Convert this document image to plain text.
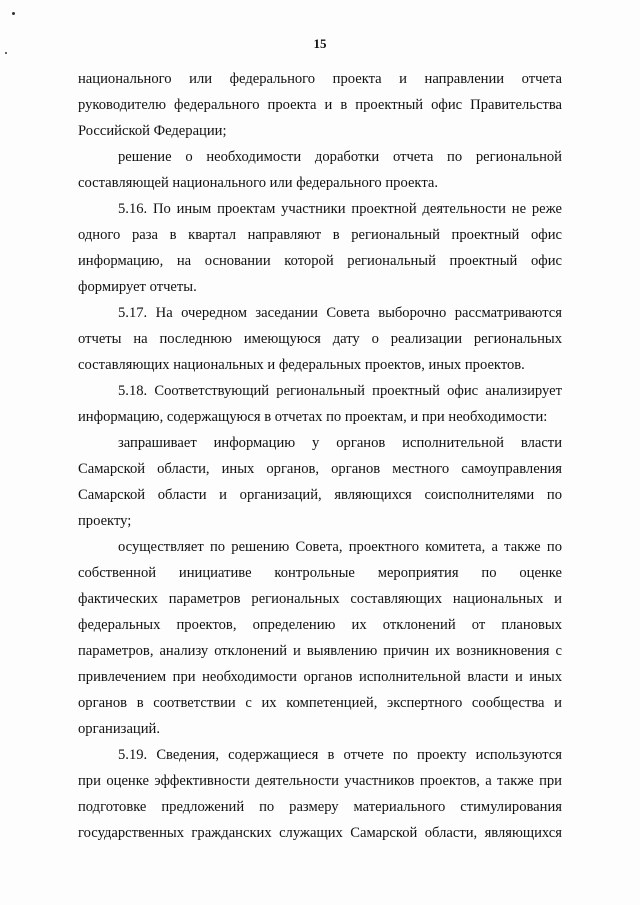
15
национального или федерального проекта и направлении отчета
руководителю федерального проекта и в проектный офис Правительства
Российской Федерации;
решение о необходимости доработки отчета по региональной
составляющей национального или федерального проекта.
5.16. По иным проектам участники проектной деятельности не реже
одного раза в квартал направляют в региональный проектный офис
информацию, на основании которой региональный проектный офис
формирует отчеты.
5.17. На очередном заседании Совета выборочно рассматриваются
отчеты на последнюю имеющуюся дату о реализации региональных
составляющих национальных и федеральных проектов, иных проектов.
5.18. Соответствующий региональный проектный офис анализирует
информацию, содержащуюся в отчетах по проектам, и при необходимости:
запрашивает информацию у органов исполнительной власти
Самарской области, иных органов, органов местного самоуправления
Самарской области и организаций, являющихся соисполнителями по
проекту;
осуществляет по решению Совета, проектного комитета, а также по
собственной инициативе контрольные мероприятия по оценке
фактических параметров региональных составляющих национальных и
федеральных проектов, определению их отклонений от плановых
параметров, анализу отклонений и выявлению причин их возникновения с
привлечением при необходимости органов исполнительной власти и иных
органов в соответствии с их компетенцией, экспертного сообщества и
организаций.
5.19. Сведения, содержащиеся в отчете по проекту используются
при оценке эффективности деятельности участников проектов, а также при
подготовке предложений по размеру материального стимулирования
государственных гражданских служащих Самарской области, являющихся
